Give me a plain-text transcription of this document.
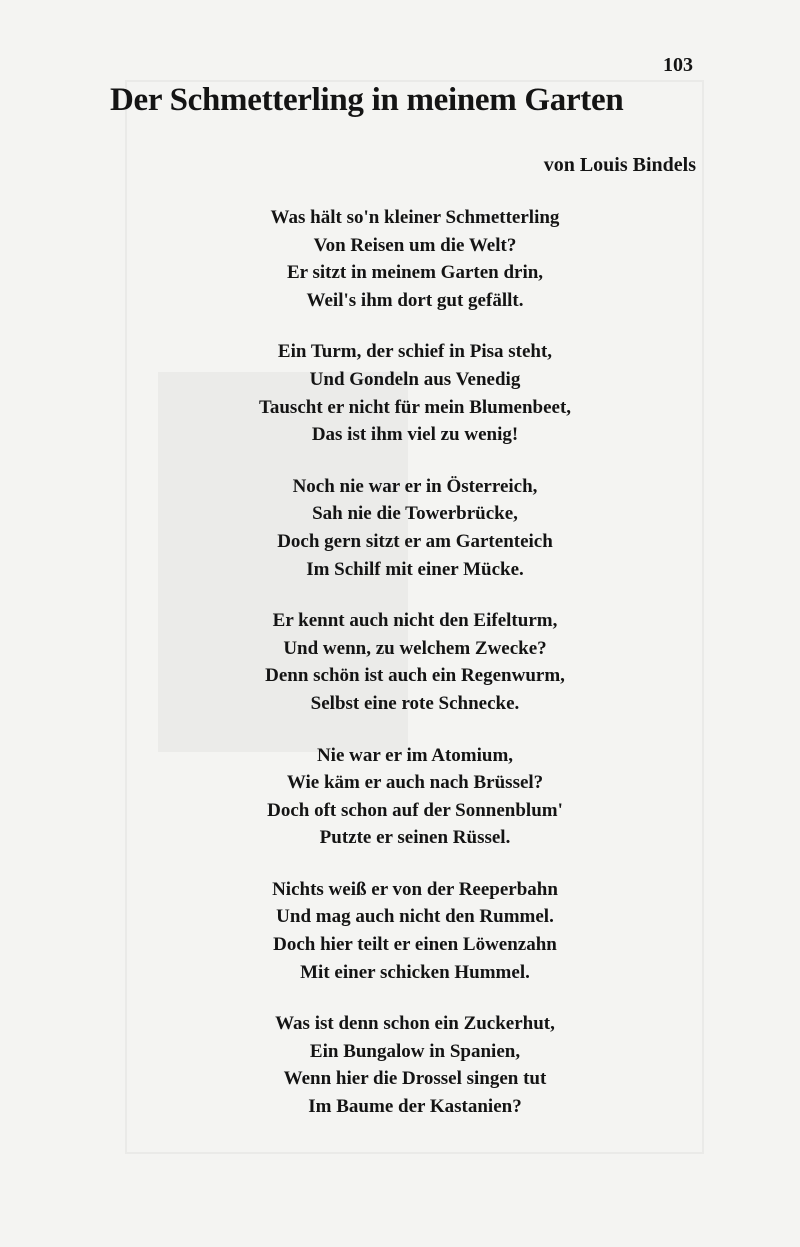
103
Der Schmetterling in meinem Garten
von Louis Bindels
Was hält so'n kleiner Schmetterling
Von Reisen um die Welt?
Er sitzt in meinem Garten drin,
Weil's ihm dort gut gefällt.
Ein Turm, der schief in Pisa steht,
Und Gondeln aus Venedig
Tauscht er nicht für mein Blumenbeet,
Das ist ihm viel zu wenig!
Noch nie war er in Österreich,
Sah nie die Towerbrücke,
Doch gern sitzt er am Gartenteich
Im Schilf mit einer Mücke.
Er kennt auch nicht den Eifelturm,
Und wenn, zu welchem Zwecke?
Denn schön ist auch ein Regenwurm,
Selbst eine rote Schnecke.
Nie war er im Atomium,
Wie käm er auch nach Brüssel?
Doch oft schon auf der Sonnenblum'
Putzte er seinen Rüssel.
Nichts weiß er von der Reeperbahn
Und mag auch nicht den Rummel.
Doch hier teilt er einen Löwenzahn
Mit einer schicken Hummel.
Was ist denn schon ein Zuckerhut,
Ein Bungalow in Spanien,
Wenn hier die Drossel singen tut
Im Baume der Kastanien?
